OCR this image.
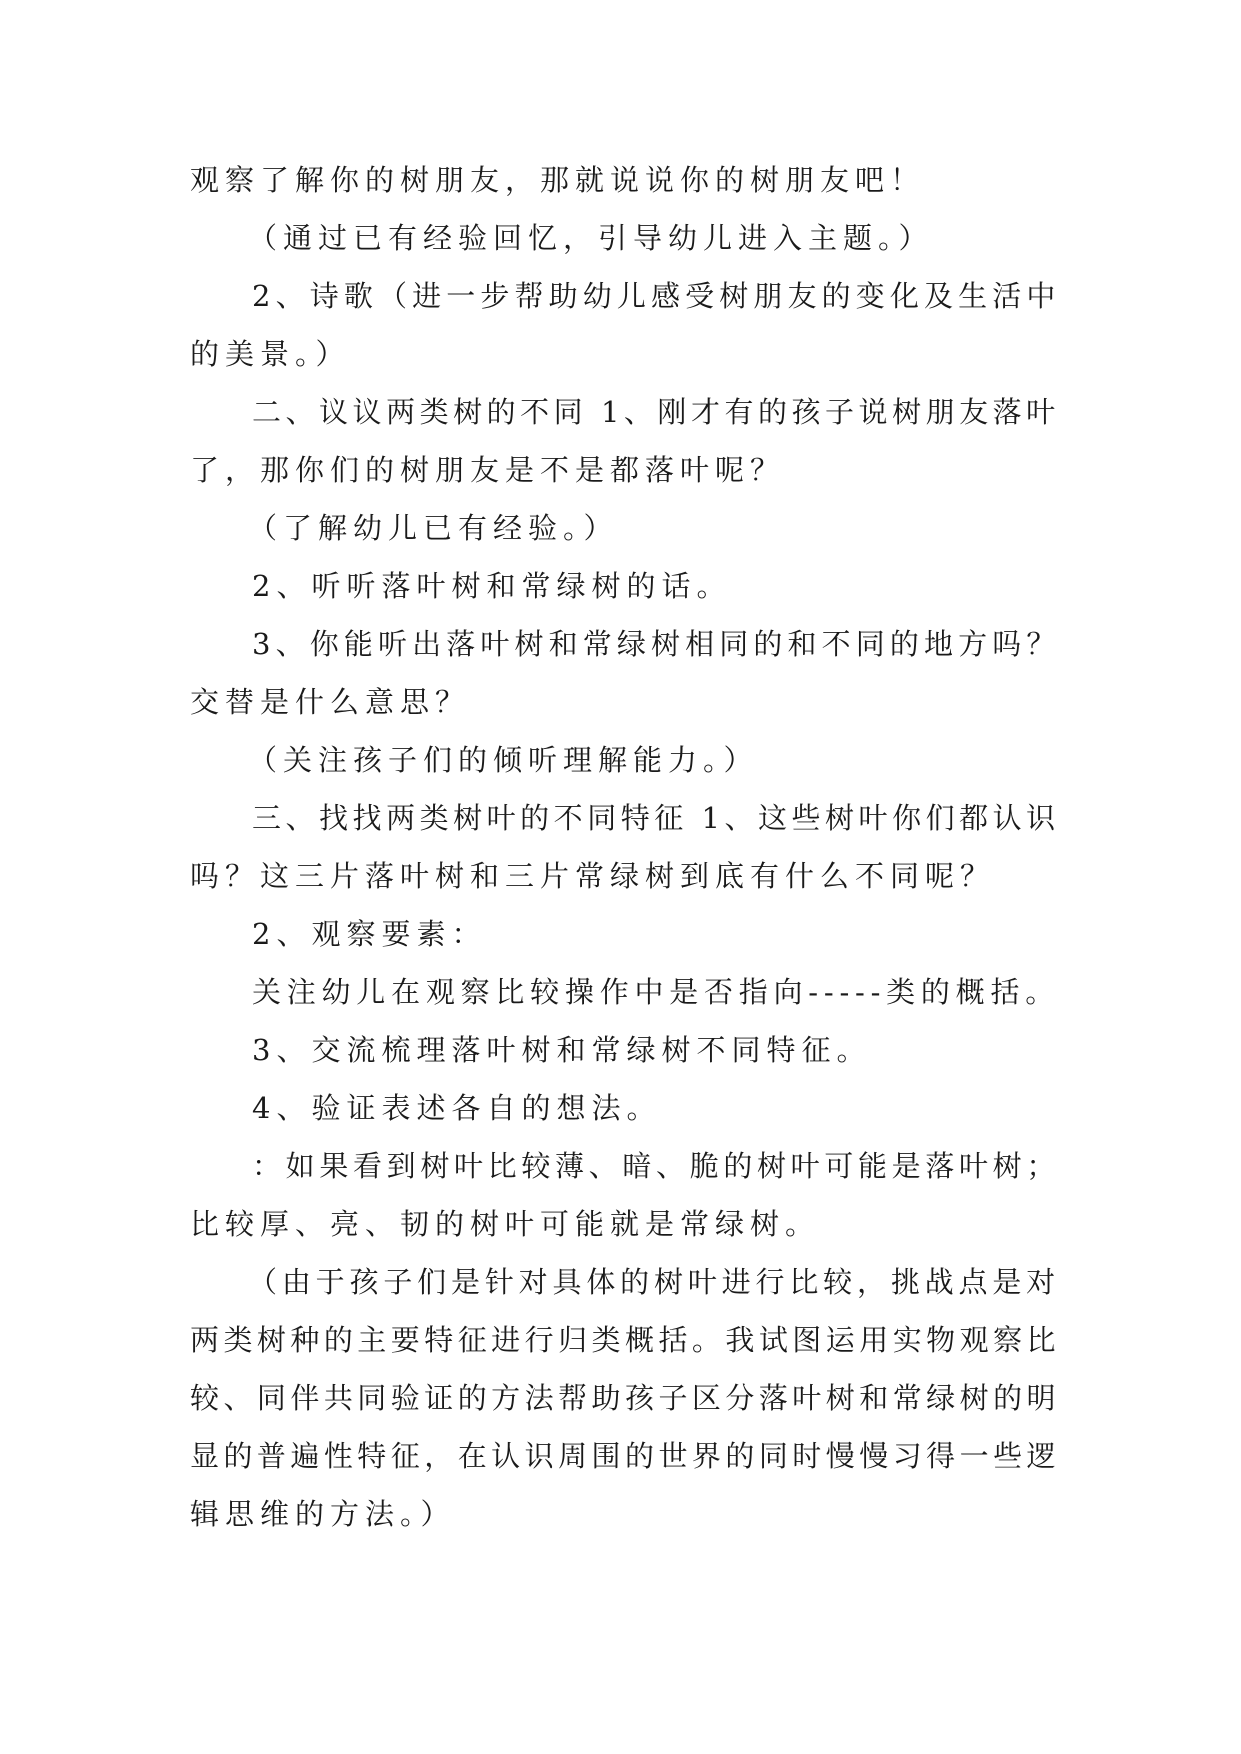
观察了解你的树朋友，那就说说你的树朋友吧！
（通过已有经验回忆，引导幼儿进入主题。）
2、诗歌（进一步帮助幼儿感受树朋友的变化及生活中
的美景。）
二、议议两类树的不同 1、刚才有的孩子说树朋友落叶
了，那你们的树朋友是不是都落叶呢？
（了解幼儿已有经验。）
2、听听落叶树和常绿树的话。
3、你能听出落叶树和常绿树相同的和不同的地方吗？
交替是什么意思？
（关注孩子们的倾听理解能力。）
三、找找两类树叶的不同特征 1、这些树叶你们都认识
吗？这三片落叶树和三片常绿树到底有什么不同呢？
2、观察要素：
关注幼儿在观察比较操作中是否指向-----类的概括。
3、交流梳理落叶树和常绿树不同特征。
4、验证表述各自的想法。
：如果看到树叶比较薄、暗、脆的树叶可能是落叶树；
比较厚、亮、韧的树叶可能就是常绿树。
（由于孩子们是针对具体的树叶进行比较，挑战点是对
两类树种的主要特征进行归类概括。我试图运用实物观察比
较、同伴共同验证的方法帮助孩子区分落叶树和常绿树的明
显的普遍性特征，在认识周围的世界的同时慢慢习得一些逻
辑思维的方法。）
